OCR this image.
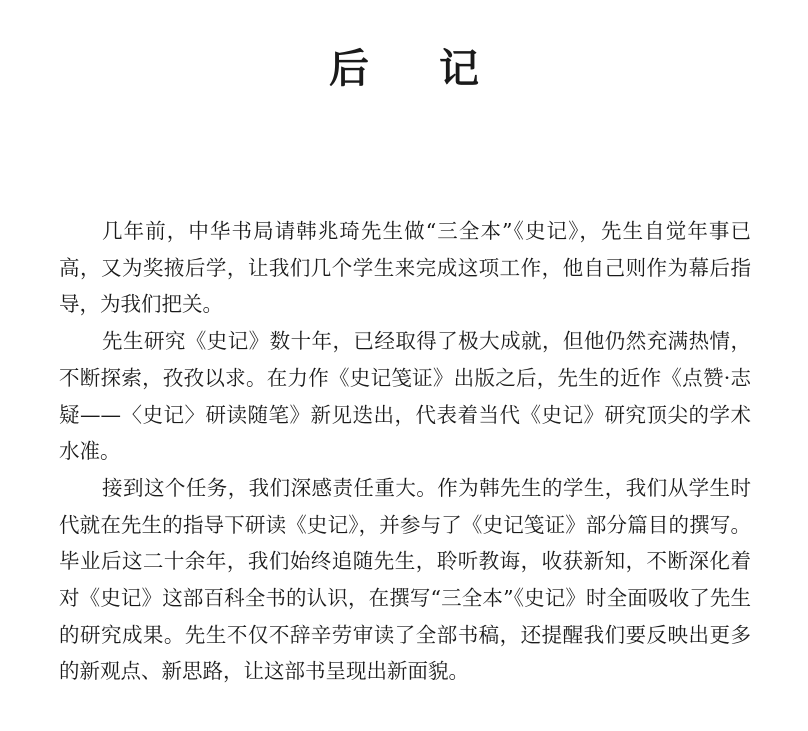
后 记

几年前，中华书局请韩兆琦先生做“三全本”《史记》，先生自觉年事已高，又为奖掖后学，让我们几个学生来完成这项工作，他自己则作为幕后指导，为我们把关。

先生研究《史记》数十年，已经取得了极大成就，但他仍然充满热情，不断探索，孜孜以求。在力作《史记笺证》出版之后，先生的近作《点赞·志疑——〈史记〉研读随笔》新见迭出，代表着当代《史记》研究顶尖的学术水准。

接到这个任务，我们深感责任重大。作为韩先生的学生，我们从学生时代就在先生的指导下研读《史记》，并参与了《史记笺证》部分篇目的撰写。毕业后这二十余年，我们始终追随先生，聆听教诲，收获新知，不断深化着对《史记》这部百科全书的认识，在撰写“三全本”《史记》时全面吸收了先生的研究成果。先生不仅不辞辛劳审读了全部书稿，还提醒我们要反映出更多的新观点、新思路，让这部书呈现出新面貌。
